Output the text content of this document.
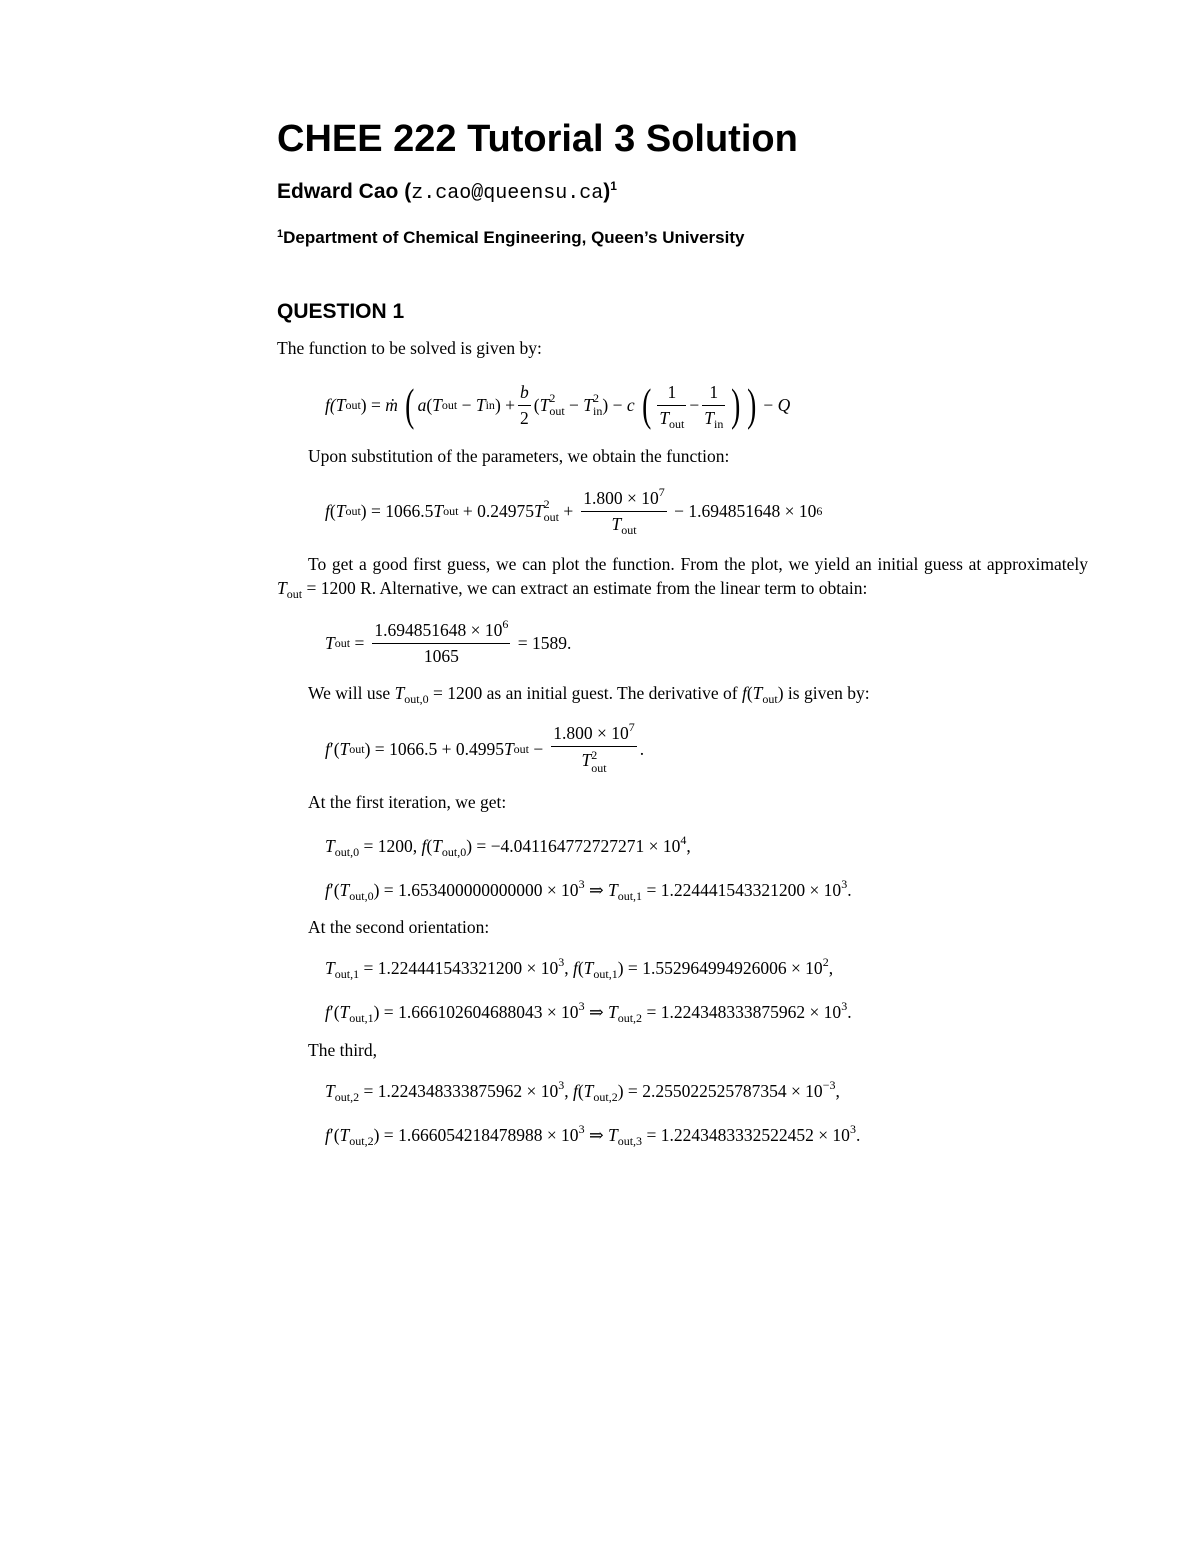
CHEE 222 Tutorial 3 Solution
Edward Cao (z.cao@queensu.ca)$^1$
$^1$Department of Chemical Engineering, Queen’s University
QUESTION 1
The function to be solved is given by:
f(T out ) = ṁ
( a ( T out − T in ) + $\frac{b}{2}$ ( T 2
out − T 2
in ) − c
( $\frac{1}{T_{out}} - \frac{1}{T_{in}}$ ) ) − Q
Upon substitution of the parameters, we obtain the function:
f ( T out ) = 1066.5 T out + 0.24975 T 2
out + $\frac{1.800 \times 10^7}{T_{out}} - 1.694851648 \times 10$ 6
To get a good first guess, we can plot the function. From the plot, we yield an initial guess at approximately $T_{out} = 1200$ R. Alternative, we can extract an estimate from the linear term to obtain:
T out = $\frac{1.694851648 \times 10^6}{1065}$
= 1589.
We will use $T_{out,0} = 1200$ as an initial guest. The derivative of $f(T_{out})$ is given by:
f ′( T out ) = 1066.5 + 0.4995 T out − $1.800 \times 10^7$
T 2
out .
At the first iteration, we get:
$T_{out,0} = 1200$, $f(T_{out,0}) = -4.041164772727271 \times 10^4$,
$f'(T_{out,0}) = 1.653400000000000 \times 10^3$ ⇒ $T_{out,1} = 1.224441543321200 \times 10^3$.
At the second orientation:
$T_{out,1} = 1.224441543321200 \times 10^3$, $f(T_{out,1}) = 1.552964994926006 \times 10^2$,
$f'(T_{out,1}) = 1.666102604688043 \times 10^3$ ⇒ $T_{out,2} = 1.224348333875962 \times 10^3$.
The third,
$T_{out,2} = 1.224348333875962 \times 10^3$, $f(T_{out,2}) = 2.255022525787354 \times 10^{-3}$,
$f'(T_{out,2}) = 1.666054218478988 \times 10^3$ ⇒ $T_{out,3} = 1.2243483332522452 \times 10^3$.
